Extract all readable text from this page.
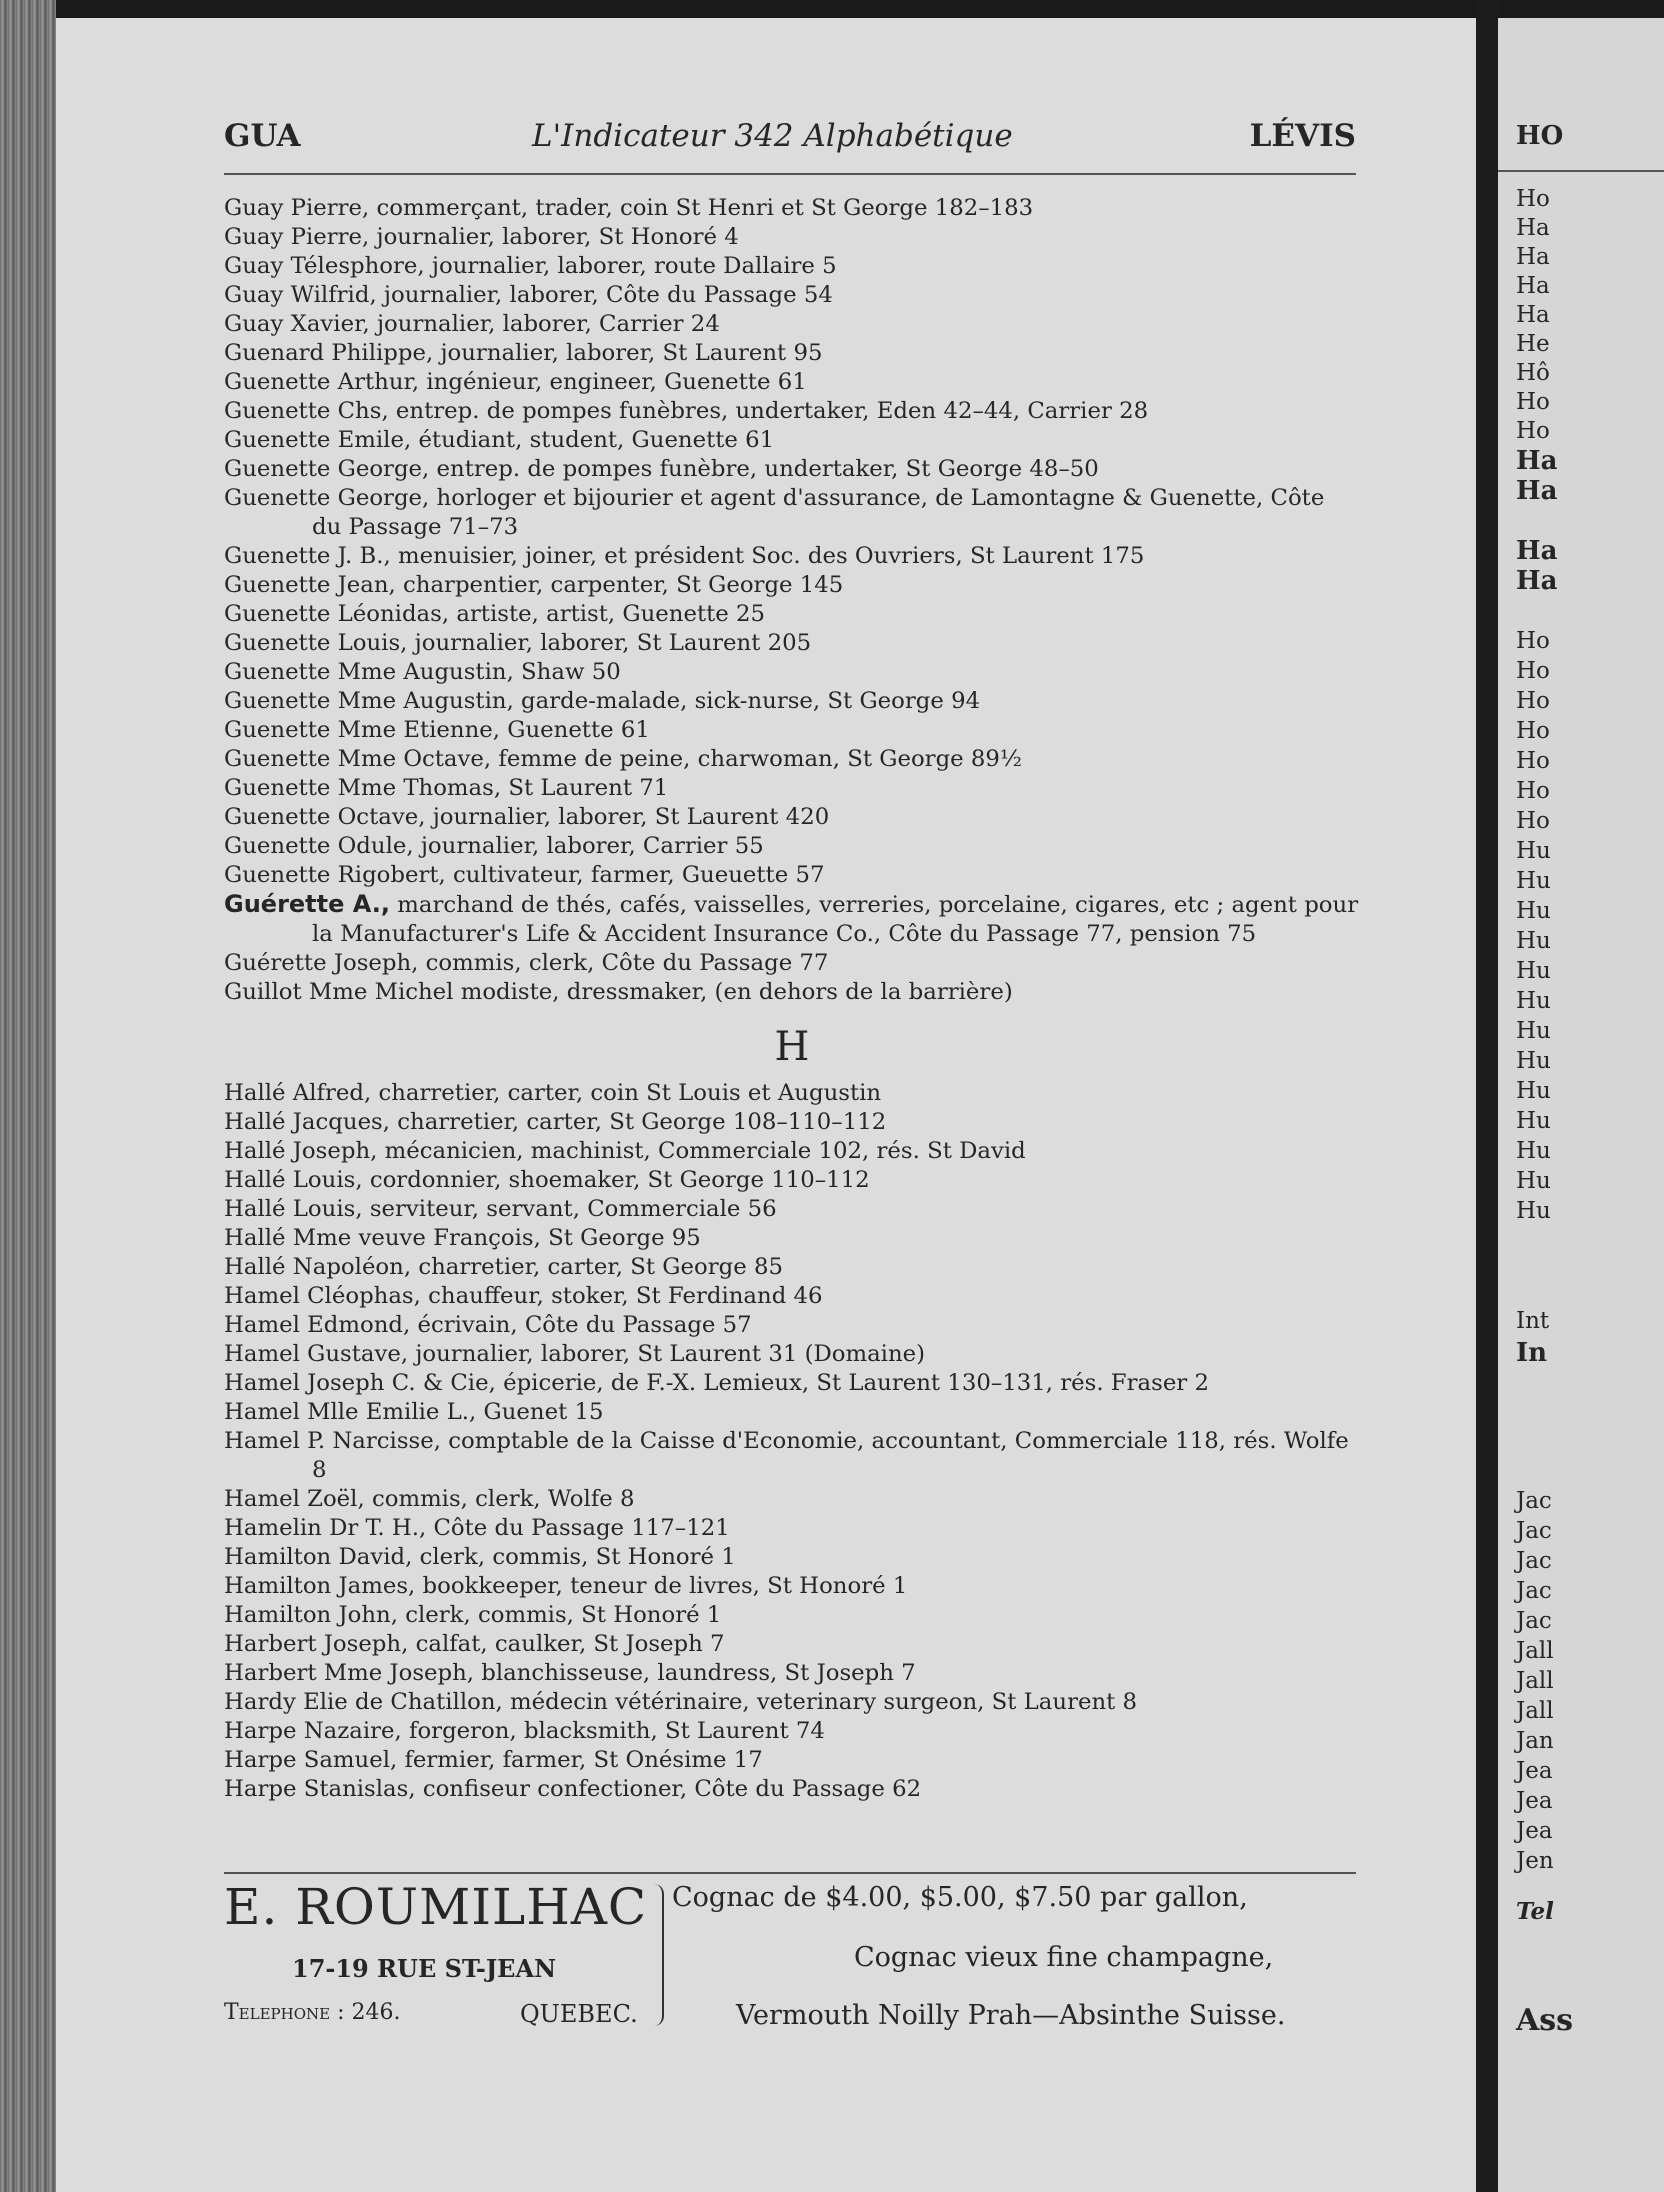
HO
Ho
Ha
Ha
Ha
Ha
He
Hô
Ho
Ho
Ha
Ha
Ha
Ha
Ho
Ho
Ho
Ho
Ho
Ho
Ho
Hu
Hu
Hu
Hu
Hu
Hu
Hu
Hu
Hu
Hu
Hu
Hu
Hu
Int
In
Jac
Jac
Jac
Jac
Jac
Jall
Jall
Jall
Jan
Jea
Jea
Jea
Jen
Tel
Ass
GUA	L'Indicateur 342 Alphabétique	LÉVIS
Guay Pierre, commerçant, trader, coin St Henri et St George 182–183
Guay Pierre, journalier, laborer, St Honoré 4
Guay Télesphore, journalier, laborer, route Dallaire 5
Guay Wilfrid, journalier, laborer, Côte du Passage 54
Guay Xavier, journalier, laborer, Carrier 24
Guenard Philippe, journalier, laborer, St Laurent 95
Guenette Arthur, ingénieur, engineer, Guenette 61
Guenette Chs, entrep. de pompes funèbres, undertaker, Eden 42–44, Carrier 28
Guenette Emile, étudiant, student, Guenette 61
Guenette George, entrep. de pompes funèbre, undertaker, St George 48–50
Guenette George, horloger et bijourier et agent d'assurance, de Lamontagne & Guenette, Côte du Passage 71–73
Guenette J. B., menuisier, joiner, et président Soc. des Ouvriers, St Laurent 175
Guenette Jean, charpentier, carpenter, St George 145
Guenette Léonidas, artiste, artist, Guenette 25
Guenette Louis, journalier, laborer, St Laurent 205
Guenette Mme Augustin, Shaw 50
Guenette Mme Augustin, garde-malade, sick-nurse, St George 94
Guenette Mme Etienne, Guenette 61
Guenette Mme Octave, femme de peine, charwoman, St George 89½
Guenette Mme Thomas, St Laurent 71
Guenette Octave, journalier, laborer, St Laurent 420
Guenette Odule, journalier, laborer, Carrier 55
Guenette Rigobert, cultivateur, farmer, Gueuette 57
Guérette A., marchand de thés, cafés, vaisselles, verreries, porcelaine, cigares, etc ; agent pour la Manufacturer's Life & Accident Insurance Co., Côte du Passage 77, pension 75
Guérette Joseph, commis, clerk, Côte du Passage 77
Guillot Mme Michel modiste, dressmaker, (en dehors de la barrière)
H
Hallé Alfred, charretier, carter, coin St Louis et Augustin
Hallé Jacques, charretier, carter, St George 108–110–112
Hallé Joseph, mécanicien, machinist, Commerciale 102, rés. St David
Hallé Louis, cordonnier, shoemaker, St George 110–112
Hallé Louis, serviteur, servant, Commerciale 56
Hallé Mme veuve François, St George 95
Hallé Napoléon, charretier, carter, St George 85
Hamel Cléophas, chauffeur, stoker, St Ferdinand 46
Hamel Edmond, écrivain, Côte du Passage 57
Hamel Gustave, journalier, laborer, St Laurent 31 (Domaine)
Hamel Joseph C. & Cie, épicerie, de F.-X. Lemieux, St Laurent 130–131, rés. Fraser 2
Hamel Mlle Emilie L., Guenet 15
Hamel P. Narcisse, comptable de la Caisse d'Economie, accountant, Commerciale 118, rés. Wolfe 8
Hamel Zoël, commis, clerk, Wolfe 8
Hamelin Dr T. H., Côte du Passage 117–121
Hamilton David, clerk, commis, St Honoré 1
Hamilton James, bookkeeper, teneur de livres, St Honoré 1
Hamilton John, clerk, commis, St Honoré 1
Harbert Joseph, calfat, caulker, St Joseph 7
Harbert Mme Joseph, blanchisseuse, laundress, St Joseph 7
Hardy Elie de Chatillon, médecin vétérinaire, veterinary surgeon, St Laurent 8
Harpe Nazaire, forgeron, blacksmith, St Laurent 74
Harpe Samuel, fermier, farmer, St Onésime 17
Harpe Stanislas, confiseur confectioner, Côte du Passage 62
E. ROUMILHAC
17-19 RUE ST-JEAN
Telephone : 246.	QUEBEC.
Cognac de $4.00, $5.00, $7.50 par gallon,
Cognac vieux fine champagne,
Vermouth Noilly Prah—Absinthe Suisse.
